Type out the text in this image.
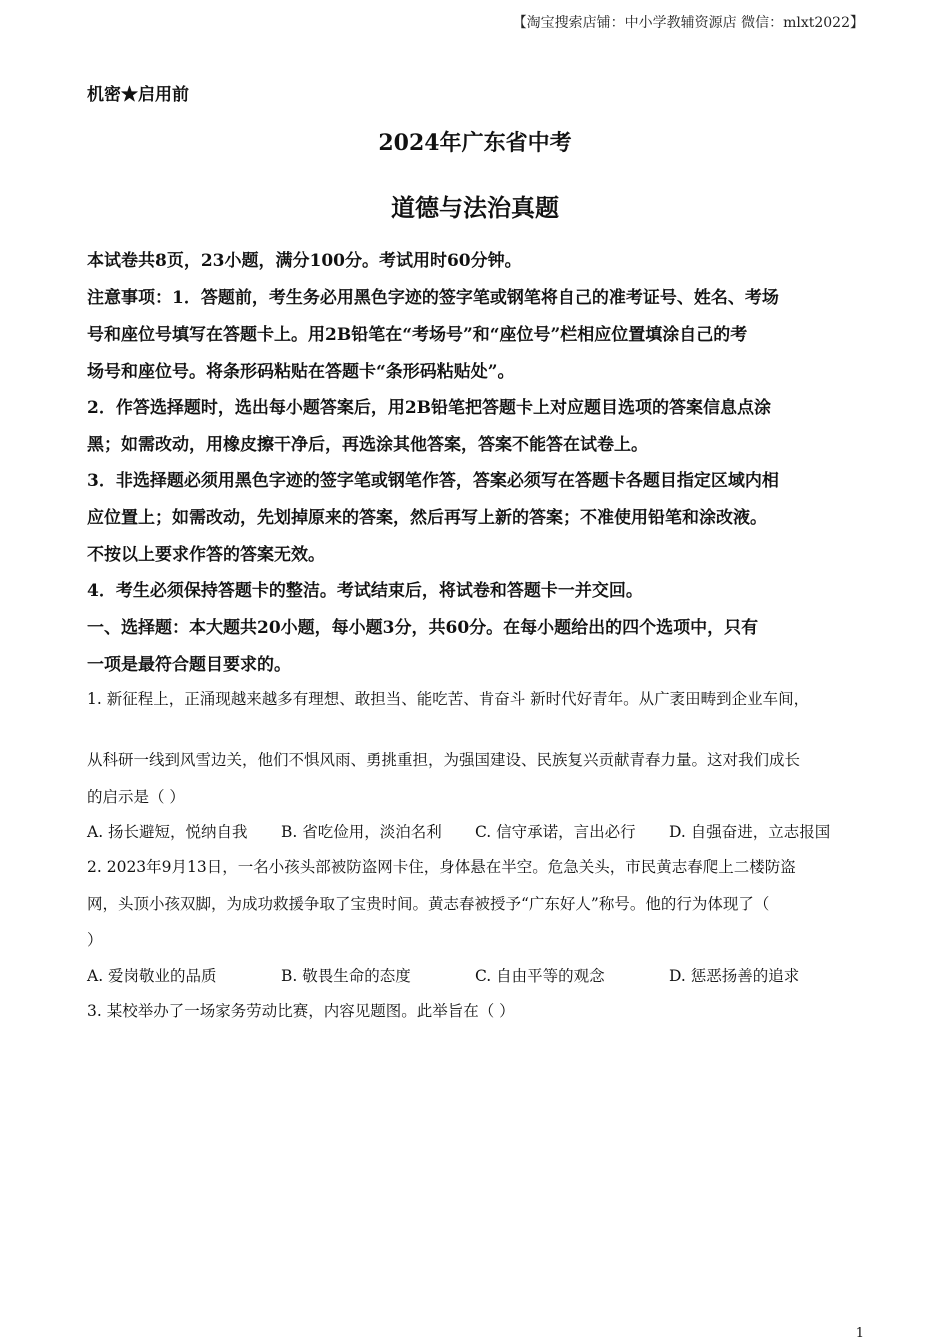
【淘宝搜索店铺：中小学教辅资源店 微信：mlxt2022】
机密★启用前
2024年广东省中考
道德与法治真题
本试卷共8页，23小题，满分100分。考试用时60分钟。
注意事项：1．答题前，考生务必用黑色字迹的签字笔或钢笔将自己的准考证号、姓名、考场
号和座位号填写在答题卡上。用2B铅笔在“考场号”和“座位号”栏相应位置填涂自己的考
场号和座位号。将条形码粘贴在答题卡“条形码粘贴处”。
2．作答选择题时，选出每小题答案后，用2B铅笔把答题卡上对应题目选项的答案信息点涂
黑；如需改动，用橡皮擦干净后，再选涂其他答案，答案不能答在试卷上。
3．非选择题必须用黑色字迹的签字笔或钢笔作答，答案必须写在答题卡各题目指定区域内相
应位置上；如需改动，先划掉原来的答案，然后再写上新的答案；不准使用铅笔和涂改液。
不按以上要求作答的答案无效。
4．考生必须保持答题卡的整洁。考试结束后，将试卷和答题卡一并交回。
一、选择题：本大题共20小题，每小题3分，共60分。在每小题给出的四个选项中，只有
一项是最符合题目要求的。
1. 新征程上，正涌现越来越多有理想、敢担当、能吃苦、肯奋斗 新时代好青年。从广袤田畴到企业车间，
从科研一线到风雪边关，他们不惧风雨、勇挑重担，为强国建设、民族复兴贡献青春力量。这对我们成长
的启示是（ ）
A. 扬长避短，悦纳自我 B. 省吃俭用，淡泊名利 C. 信守承诺，言出必行 D. 自强奋进，立志报国
2. 2023年9月13日，一名小孩头部被防盗网卡住，身体悬在半空。危急关头，市民黄志春爬上二楼防盗
网，头顶小孩双脚，为成功救援争取了宝贵时间。黄志春被授予“广东好人”称号。他的行为体现了（
）
A. 爱岗敬业的品质	B. 敬畏生命的态度	C. 自由平等的观念	D. 惩恶扬善的追求
3. 某校举办了一场家务劳动比赛，内容见题图。此举旨在（ ）
1
